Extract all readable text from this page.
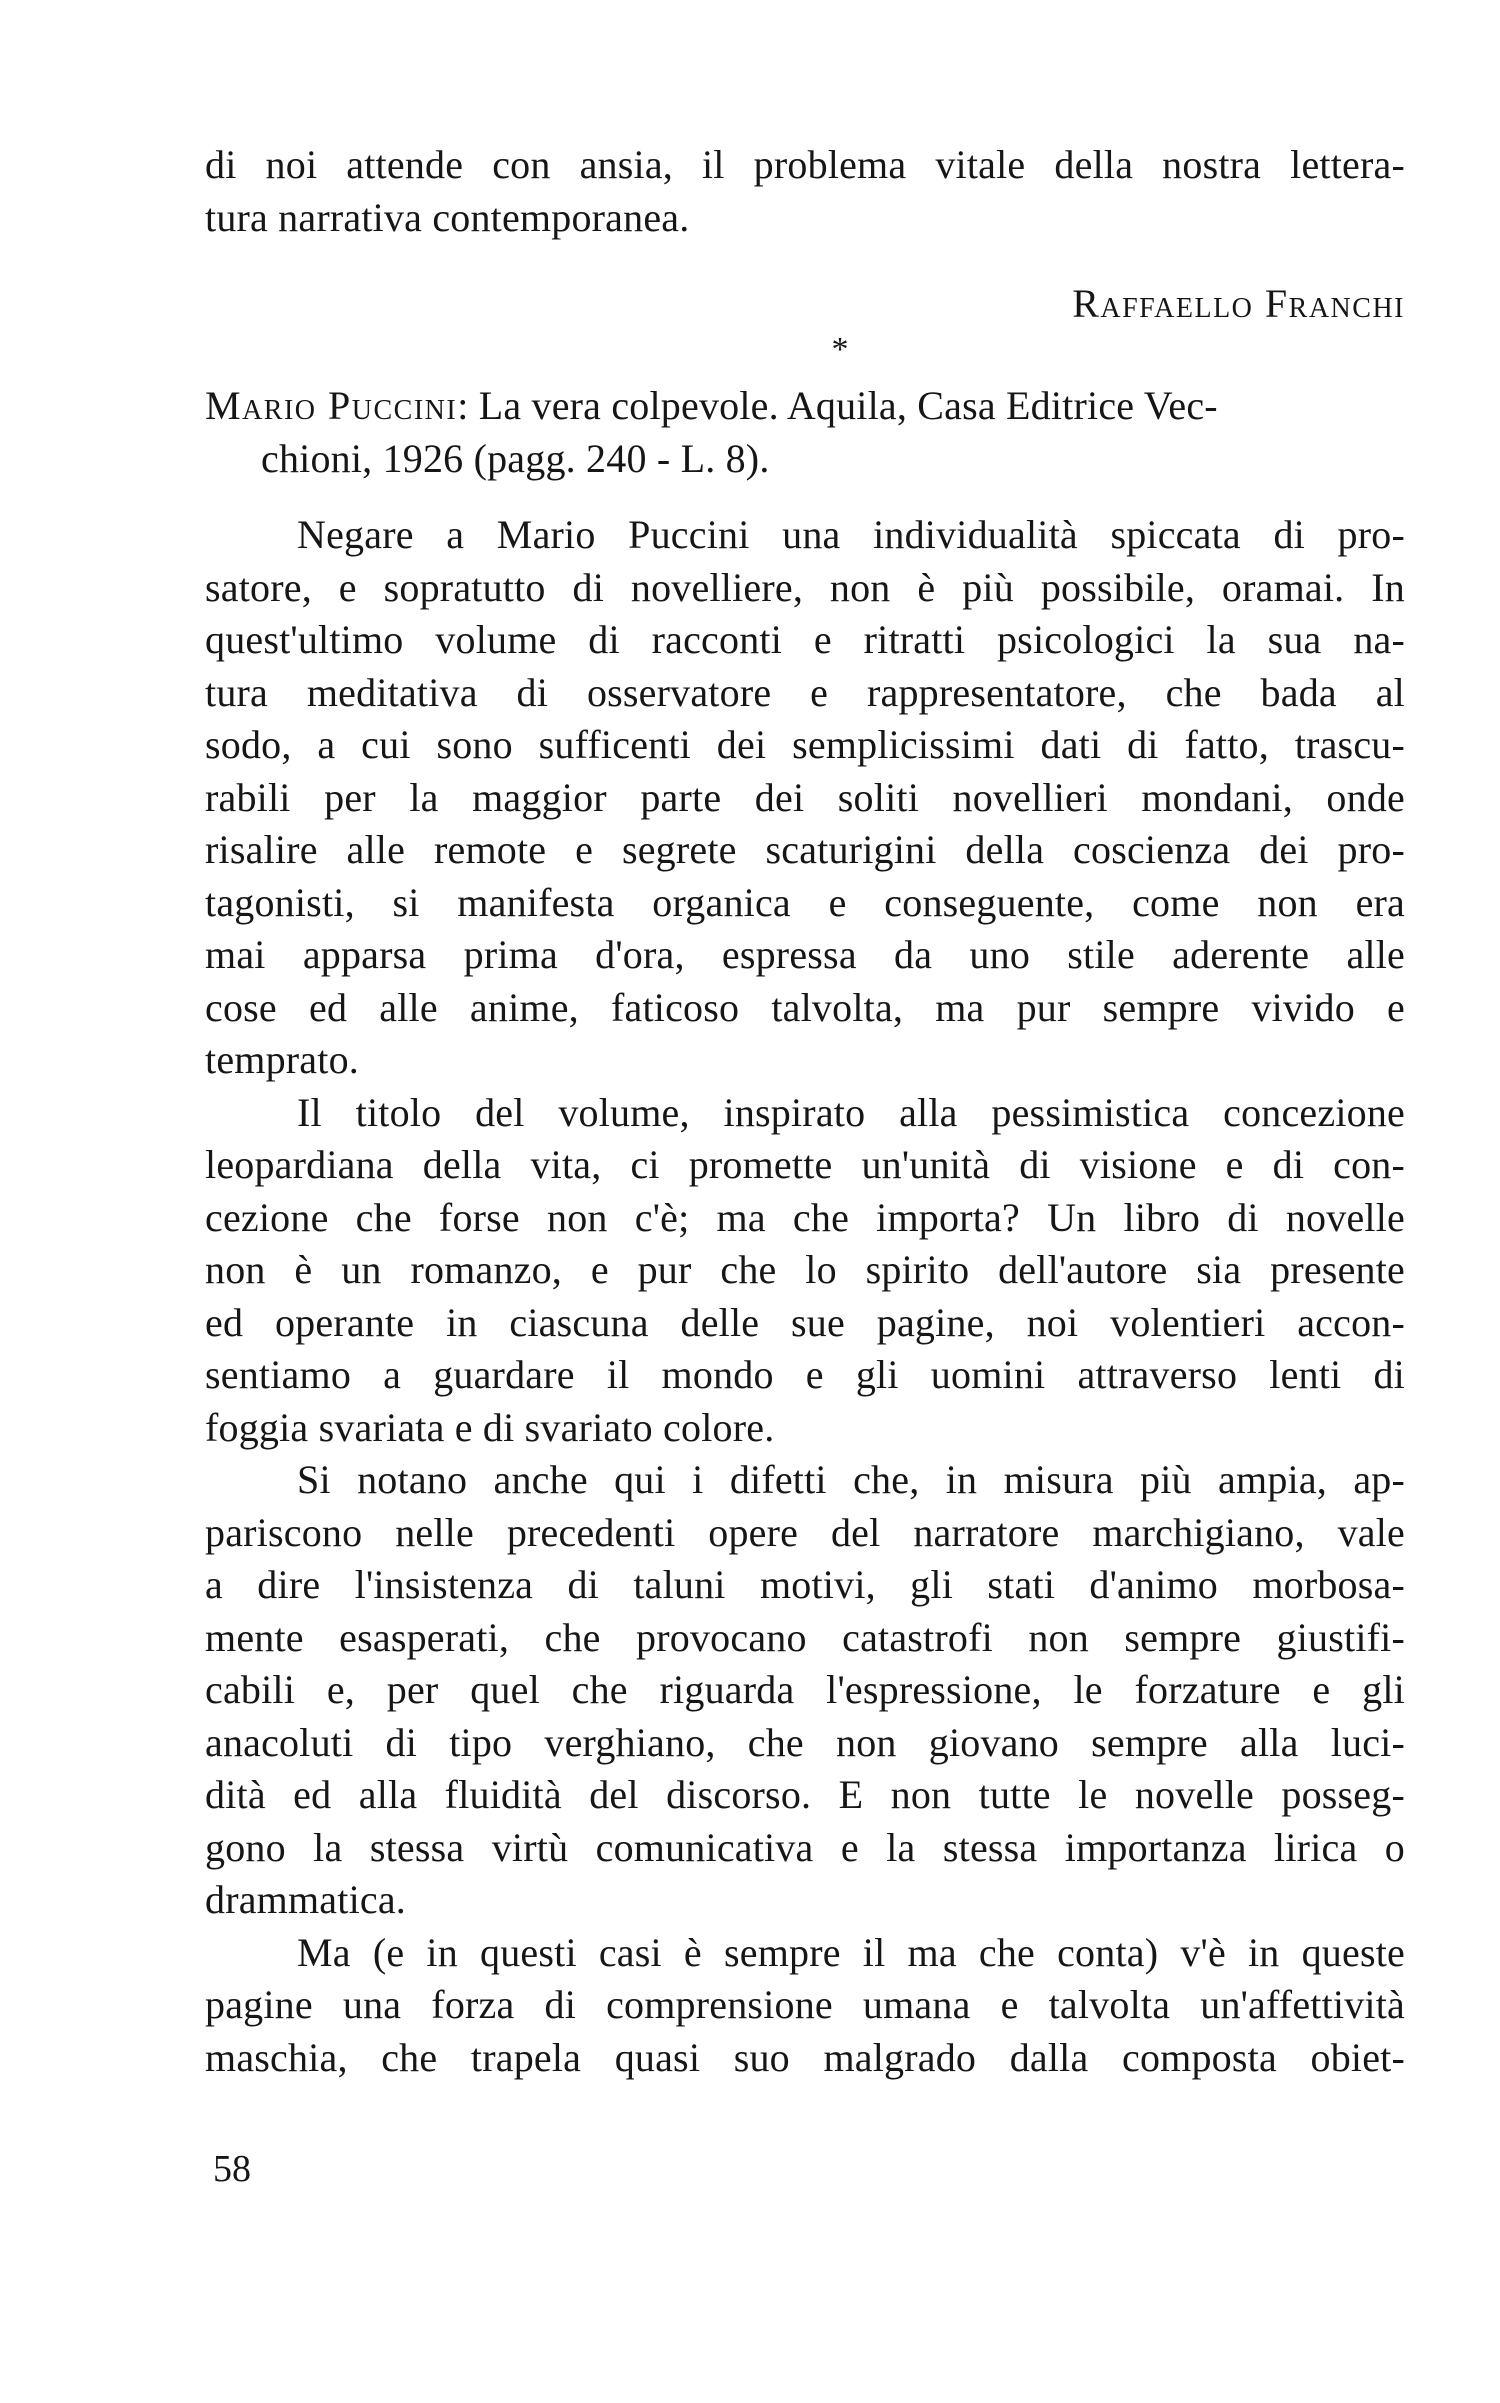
di noi attende con ansia, il problema vitale della nostra lettera-
tura narrativa contemporanea.
Raffaello Franchi
*
Mario Puccini: La vera colpevole. Aquila, Casa Editrice Vec-
chioni, 1926 (pagg. 240 - L. 8).
Negare a Mario Puccini una individualità spiccata di pro-
satore, e sopratutto di novelliere, non è più possibile, oramai. In
quest'ultimo volume di racconti e ritratti psicologici la sua na-
tura meditativa di osservatore e rappresentatore, che bada al
sodo, a cui sono sufficenti dei semplicissimi dati di fatto, trascu-
rabili per la maggior parte dei soliti novellieri mondani, onde
risalire alle remote e segrete scaturigini della coscienza dei pro-
tagonisti, si manifesta organica e conseguente, come non era
mai apparsa prima d'ora, espressa da uno stile aderente alle
cose ed alle anime, faticoso talvolta, ma pur sempre vivido e
temprato.
Il titolo del volume, inspirato alla pessimistica concezione
leopardiana della vita, ci promette un'unità di visione e di con-
cezione che forse non c'è; ma che importa? Un libro di novelle
non è un romanzo, e pur che lo spirito dell'autore sia presente
ed operante in ciascuna delle sue pagine, noi volentieri accon-
sentiamo a guardare il mondo e gli uomini attraverso lenti di
foggia svariata e di svariato colore.
Si notano anche qui i difetti che, in misura più ampia, ap-
pariscono nelle precedenti opere del narratore marchigiano, vale
a dire l'insistenza di taluni motivi, gli stati d'animo morbosa-
mente esasperati, che provocano catastrofi non sempre giustifi-
cabili e, per quel che riguarda l'espressione, le forzature e gli
anacoluti di tipo verghiano, che non giovano sempre alla luci-
dità ed alla fluidità del discorso. E non tutte le novelle posseg-
gono la stessa virtù comunicativa e la stessa importanza lirica o
drammatica.
Ma (e in questi casi è sempre il ma che conta) v'è in queste
pagine una forza di comprensione umana e talvolta un'affettività
maschia, che trapela quasi suo malgrado dalla composta obiet-
58
